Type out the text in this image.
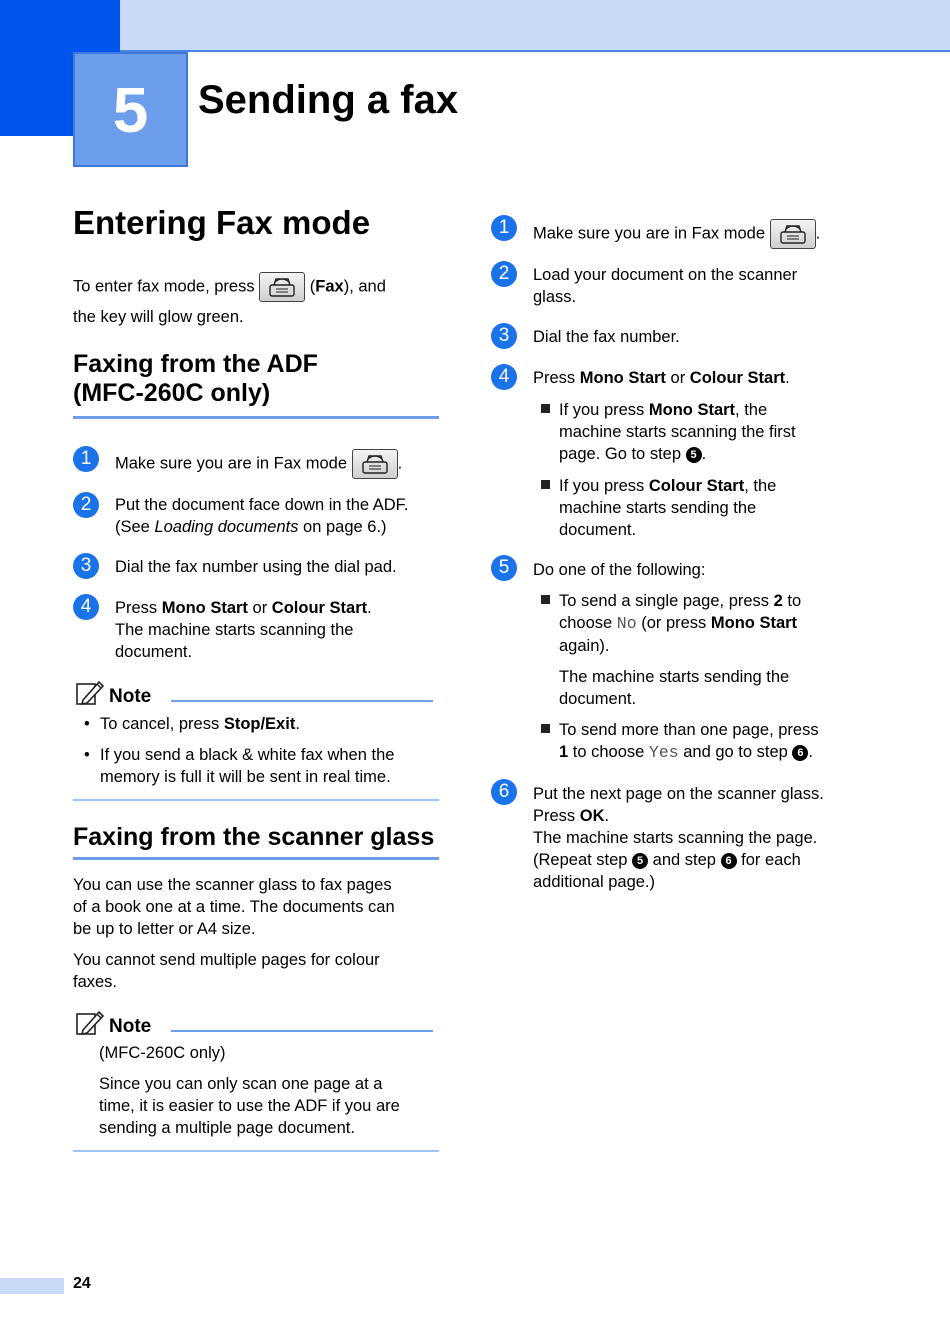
5	Sending a fax
Entering Fax mode

To enter fax mode, press	(Fax), and

the key will glow green.

Faxing from the ADF
(MFC-260C only)
1	Make sure you are in Fax mode	.
2	Put the document face down in the ADF.
(See Loading documents on page 6.)
3	Dial the fax number using the dial pad.
4	Press Mono Start or Colour Start.
The machine starts scanning the
document.
Note
• To cancel, press Stop/Exit.
• If you send a black & white fax when the
memory is full it will be sent in real time.
Faxing from the scanner glass

You can use the scanner glass to fax pages

of a book one at a time. The documents can

be up to letter or A4 size.

You cannot send multiple pages for colour

faxes.

Note

(MFC-260C only)

Since you can only scan one page at a

time, it is easier to use the ADF if you are

sending a multiple page document.

1	Make sure you are in Fax mode	.
2	Load your document on the scanner
glass.
3	Dial the fax number.
4	Press Mono Start or Colour Start.
If you press Mono Start, the
machine starts scanning the first
page. Go to step 5 .
If you press Colour Start, the
machine starts sending the
document.
5	Do one of the following:
To send a single page, press 2 to
choose No (or press Mono Start
again).
The machine starts sending the
document.
To send more than one page, press
1 to choose Yes and go to step 6 .
6	Put the next page on the scanner glass.
Press OK.
The machine starts scanning the page.
(Repeat step 5 and step 6 for each
additional page.)
24
